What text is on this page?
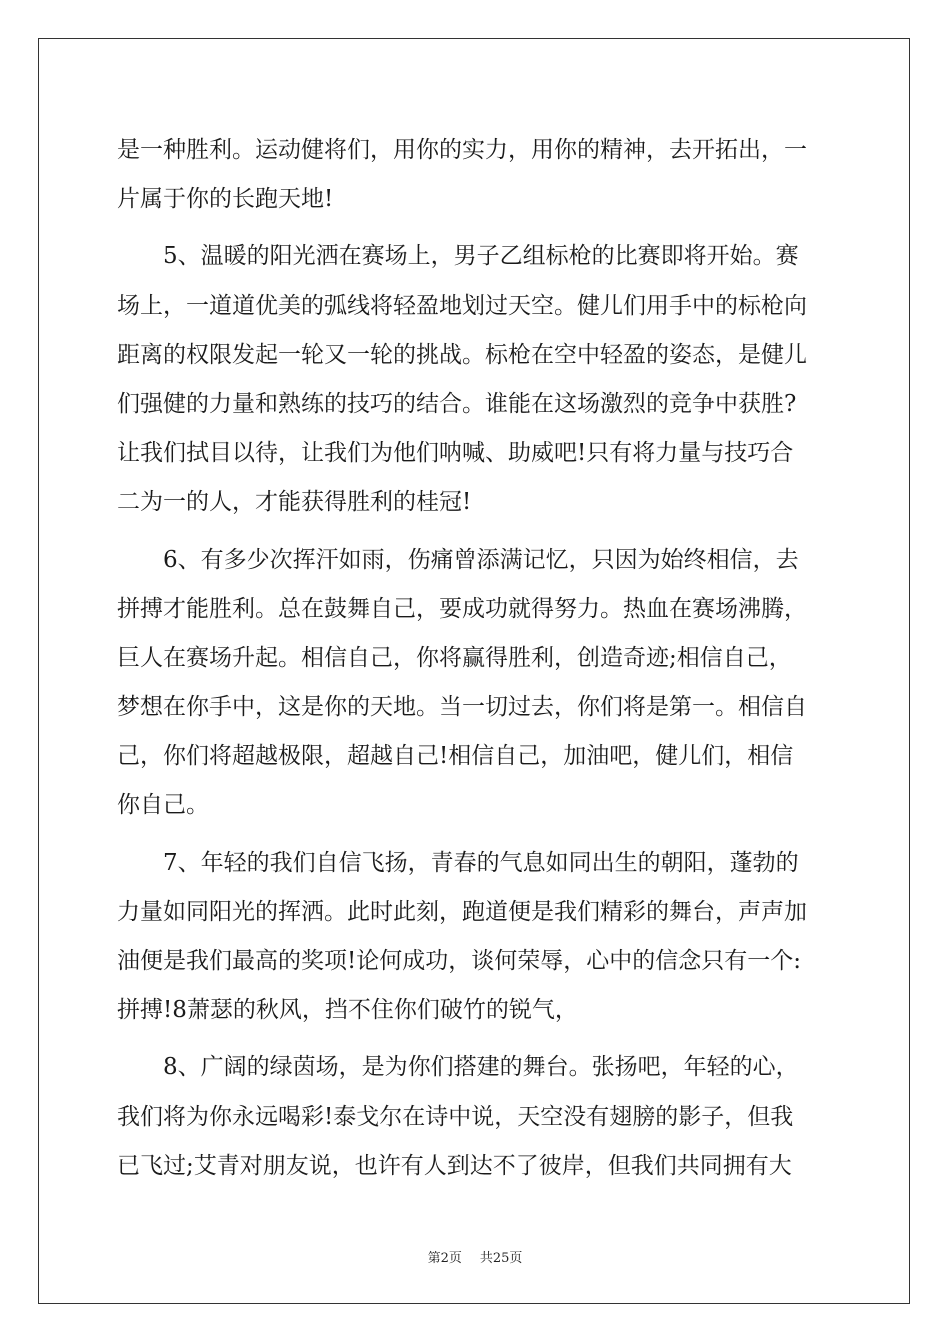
是一种胜利。运动健将们，用你的实力，用你的精神，去开拓出，一
片属于你的长跑天地!
5、温暖的阳光洒在赛场上，男子乙组标枪的比赛即将开始。赛
场上，一道道优美的弧线将轻盈地划过天空。健儿们用手中的标枪向
距离的权限发起一轮又一轮的挑战。标枪在空中轻盈的姿态，是健儿
们强健的力量和熟练的技巧的结合。谁能在这场激烈的竞争中获胜?
让我们拭目以待，让我们为他们呐喊、助威吧!只有将力量与技巧合
二为一的人，才能获得胜利的桂冠!
6、有多少次挥汗如雨，伤痛曾添满记忆，只因为始终相信，去
拼搏才能胜利。总在鼓舞自己，要成功就得努力。热血在赛场沸腾，
巨人在赛场升起。相信自己，你将赢得胜利，创造奇迹;相信自己，
梦想在你手中，这是你的天地。当一切过去，你们将是第一。相信自
己，你们将超越极限，超越自己!相信自己，加油吧，健儿们，相信
你自己。
7、年轻的我们自信飞扬，青春的气息如同出生的朝阳，蓬勃的
力量如同阳光的挥洒。此时此刻，跑道便是我们精彩的舞台，声声加
油便是我们最高的奖项!论何成功，谈何荣辱，心中的信念只有一个:
拼搏!8萧瑟的秋风，挡不住你们破竹的锐气，
8、广阔的绿茵场，是为你们搭建的舞台。张扬吧，年轻的心，
我们将为你永远喝彩!泰戈尔在诗中说，天空没有翅膀的影子，但我
已飞过;艾青对朋友说，也许有人到达不了彼岸，但我们共同拥有大
第2页 共25页
